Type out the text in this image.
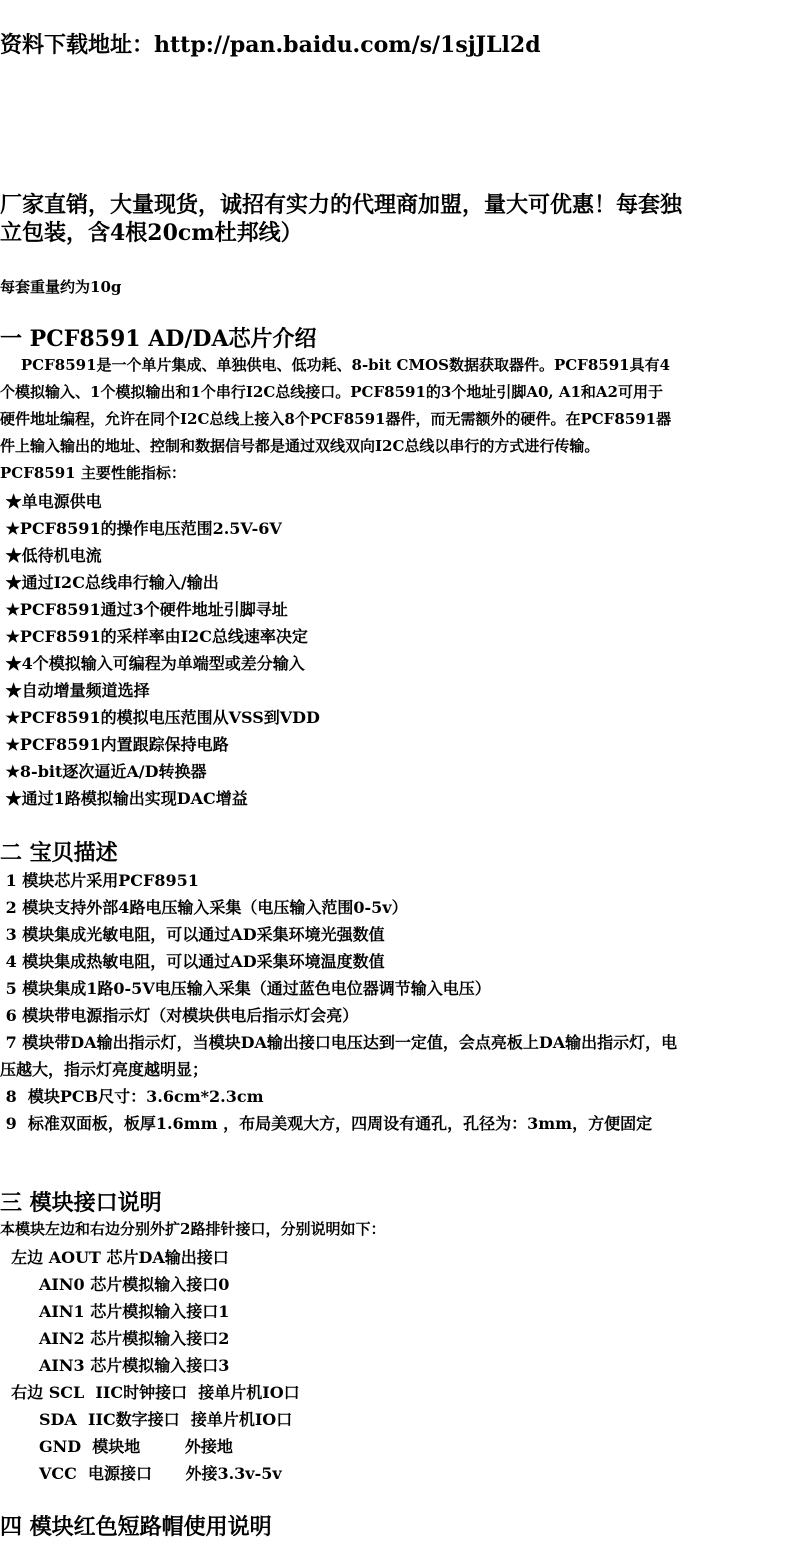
资料下载地址：http://pan.baidu.com/s/1sjJLl2d
厂家直销，大量现货，诚招有实力的代理商加盟，量大可优惠！每套独
立包装，含4根20cm杜邦线）
每套重量约为10g
一 PCF8591 AD/DA芯片介绍
PCF8591是一个单片集成、单独供电、低功耗、8-bit CMOS数据获取器件。PCF8591具有4
个模拟输入、1个模拟输出和1个串行I2C总线接口。PCF8591的3个地址引脚A0, A1和A2可用于
硬件地址编程，允许在同个I2C总线上接入8个PCF8591器件，而无需额外的硬件。在PCF8591器
件上输入输出的地址、控制和数据信号都是通过双线双向I2C总线以串行的方式进行传输。
PCF8591 主要性能指标：
★单电源供电
★PCF8591的操作电压范围2.5V-6V
★低待机电流
★通过I2C总线串行输入/输出
★PCF8591通过3个硬件地址引脚寻址
★PCF8591的采样率由I2C总线速率决定
★4个模拟输入可编程为单端型或差分输入
★自动增量频道选择
★PCF8591的模拟电压范围从VSS到VDD
★PCF8591内置跟踪保持电路
★8-bit逐次逼近A/D转换器
★通过1路模拟输出实现DAC增益
二 宝贝描述
1 模块芯片采用PCF8951
2 模块支持外部4路电压输入采集（电压输入范围0-5v）
3 模块集成光敏电阻，可以通过AD采集环境光强数值
4 模块集成热敏电阻，可以通过AD采集环境温度数值
5 模块集成1路0-5V电压输入采集（通过蓝色电位器调节输入电压）
6 模块带电源指示灯（对模块供电后指示灯会亮）
7 模块带DA输出指示灯，当模块DA输出接口电压达到一定值，会点亮板上DA输出指示灯，电
压越大，指示灯亮度越明显；
8  模块PCB尺寸：3.6cm*2.3cm
9  标准双面板，板厚1.6mm ，布局美观大方，四周设有通孔，孔径为：3mm，方便固定
三 模块接口说明
本模块左边和右边分别外扩2路排针接口，分别说明如下：
左边 AOUT 芯片DA输出接口
AIN0 芯片模拟输入接口0
AIN1 芯片模拟输入接口1
AIN2 芯片模拟输入接口2
AIN3 芯片模拟输入接口3
右边 SCL  IIC时钟接口  接单片机IO口
SDA  IIC数字接口  接单片机IO口
GND  模块地        外接地
VCC  电源接口      外接3.3v-5v
四 模块红色短路帽使用说明
